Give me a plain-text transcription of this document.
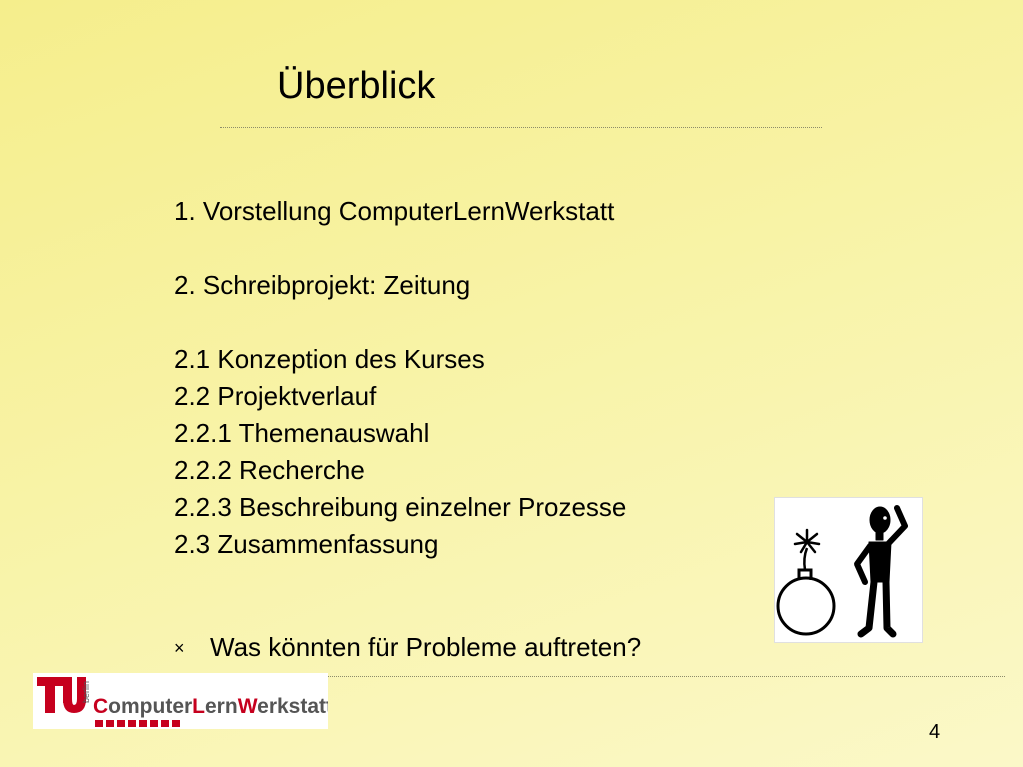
Überblick
1. Vorstellung ComputerLernWerkstatt
2. Schreibprojekt: Zeitung
2.1 Konzeption des Kurses
2.2 Projektverlauf
2.2.1 Themenauswahl
2.2.2 Recherche
2.2.3 Beschreibung einzelner Prozesse
2.3 Zusammenfassung
× Was könnten für Probleme auftreten?
berlin
ComputerLernWerkstatt
4
